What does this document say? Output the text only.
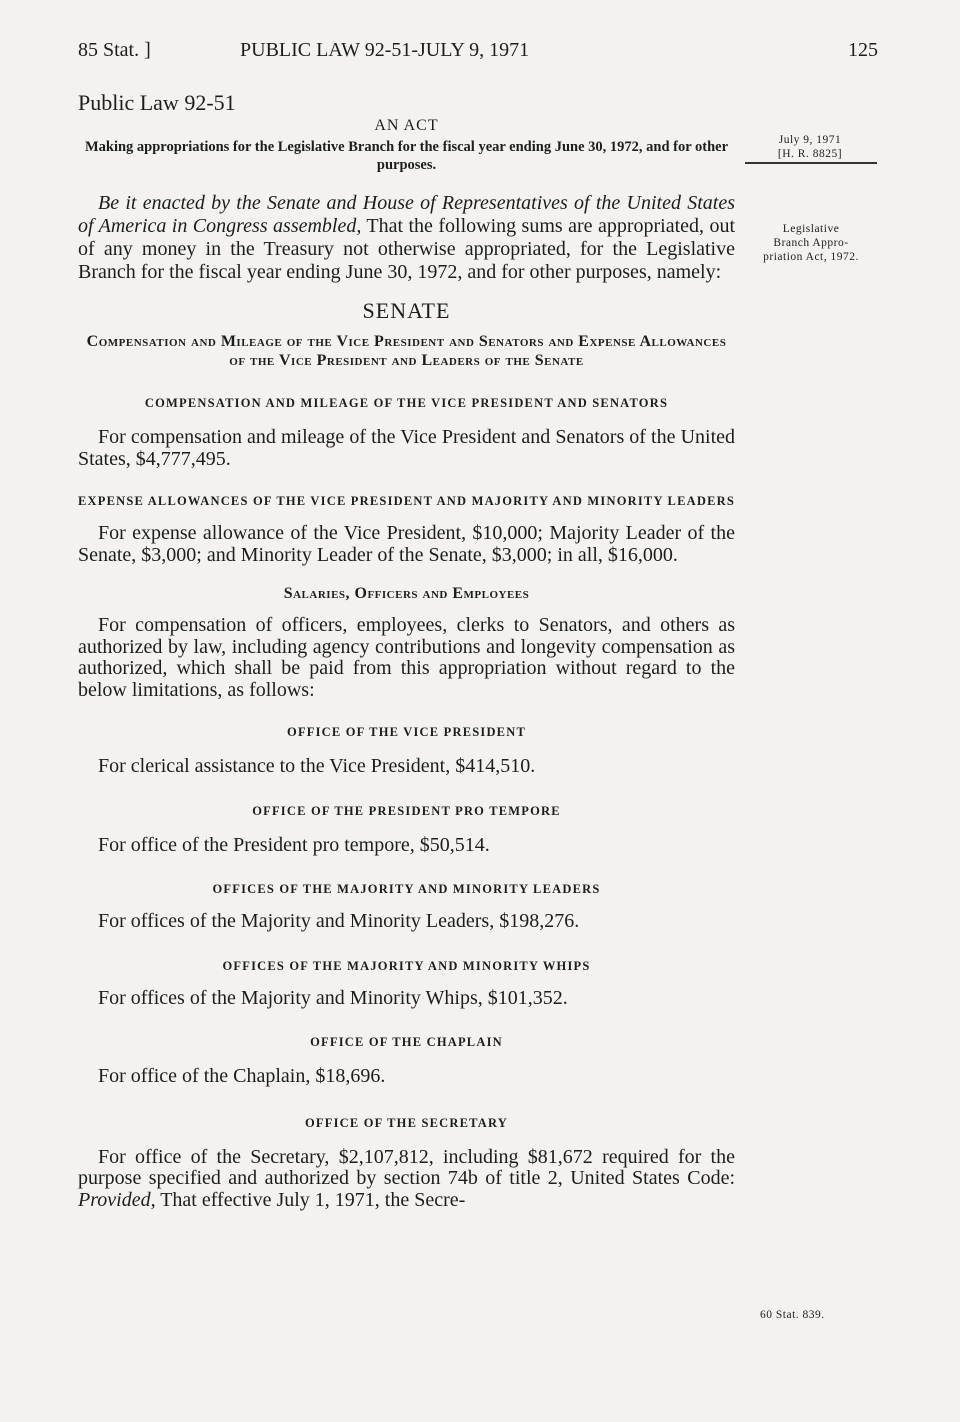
85 Stat. ]	PUBLIC LAW 92-51-JULY 9, 1971	125
July 9, 1971
[H. R. 8825]
Legislative
Branch Appro-
priation Act, 1972.
60 Stat. 839.
Public Law 92-51
AN ACT
Making appropriations for the Legislative Branch for the fiscal year ending June 30, 1972, and for other purposes.

Be it enacted by the Senate and House of Representatives of the United States of America in Congress assembled, That the following sums are appropriated, out of any money in the Treasury not otherwise appropriated, for the Legislative Branch for the fiscal year ending June 30, 1972, and for other purposes, namely:

SENATE
Compensation and Mileage of the Vice President and Senators and Expense Allowances of the Vice President and Leaders of the Senate
COMPENSATION AND MILEAGE OF THE VICE PRESIDENT AND SENATORS

For compensation and mileage of the Vice President and Senators of the United States, $4,777,495.

EXPENSE ALLOWANCES OF THE VICE PRESIDENT AND MAJORITY AND MINORITY LEADERS

For expense allowance of the Vice President, $10,000; Majority Leader of the Senate, $3,000; and Minority Leader of the Senate, $3,000; in all, $16,000.

Salaries, Officers and Employees

For compensation of officers, employees, clerks to Senators, and others as authorized by law, including agency contributions and longevity compensation as authorized, which shall be paid from this appropriation without regard to the below limitations, as follows:

OFFICE OF THE VICE PRESIDENT

For clerical assistance to the Vice President, $414,510.

OFFICE OF THE PRESIDENT PRO TEMPORE

For office of the President pro tempore, $50,514.

OFFICES OF THE MAJORITY AND MINORITY LEADERS

For offices of the Majority and Minority Leaders, $198,276.

OFFICES OF THE MAJORITY AND MINORITY WHIPS

For offices of the Majority and Minority Whips, $101,352.

OFFICE OF THE CHAPLAIN

For office of the Chaplain, $18,696.

OFFICE OF THE SECRETARY

For office of the Secretary, $2,107,812, including $81,672 required for the purpose specified and authorized by section 74b of title 2, United States Code: Provided, That effective July 1, 1971, the Secre-
